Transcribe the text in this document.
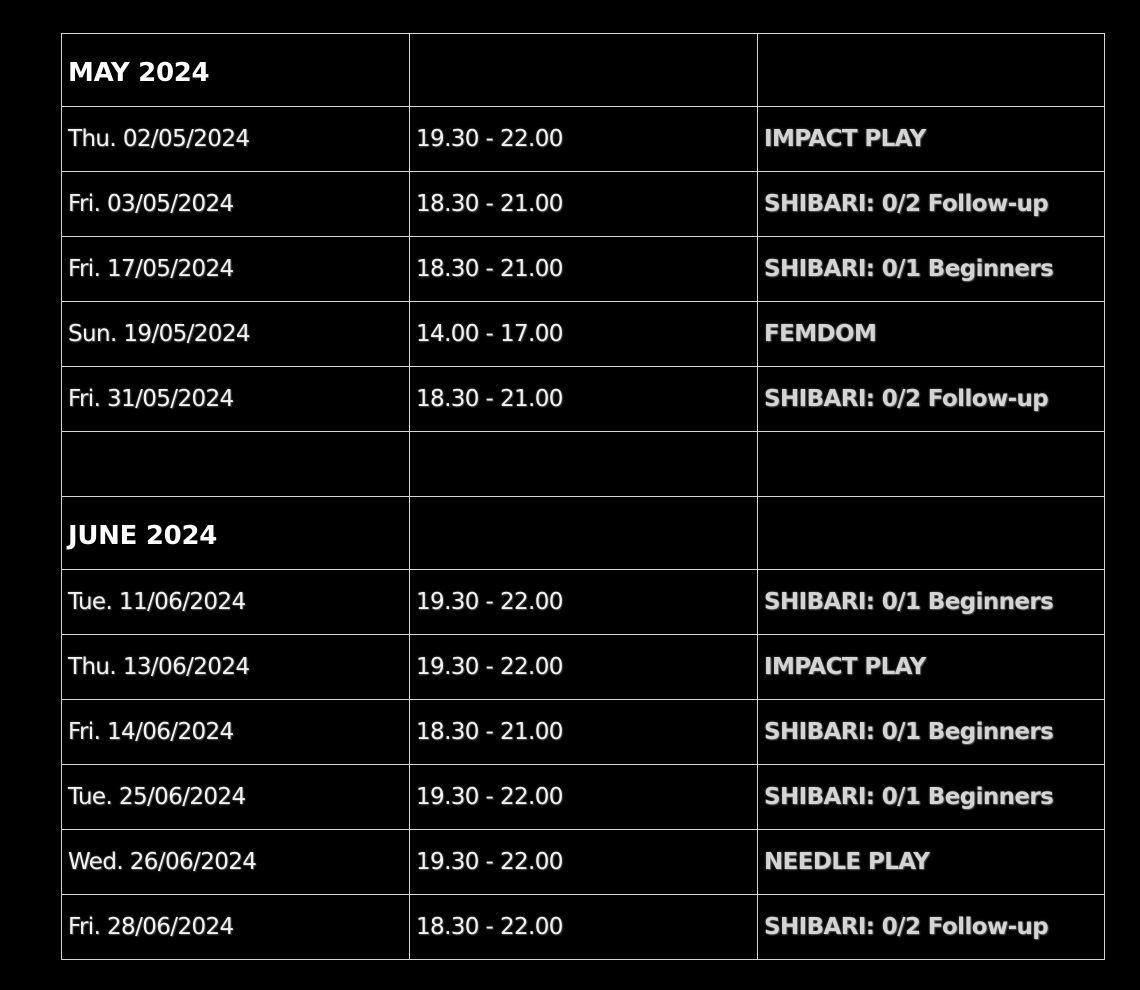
MAY 2024		
Thu. 02/05/2024	19.30 - 22.00	IMPACT PLAY
Fri. 03/05/2024	18.30 - 21.00	SHIBARI: 0/2 Follow-up
Fri. 17/05/2024	18.30 - 21.00	SHIBARI: 0/1 Beginners
Sun. 19/05/2024	14.00 - 17.00	FEMDOM
Fri. 31/05/2024	18.30 - 21.00	SHIBARI: 0/2 Follow-up

JUNE 2024		
Tue. 11/06/2024	19.30 - 22.00	SHIBARI: 0/1 Beginners
Thu. 13/06/2024	19.30 - 22.00	IMPACT PLAY
Fri. 14/06/2024	18.30 - 21.00	SHIBARI: 0/1 Beginners
Tue. 25/06/2024	19.30 - 22.00	SHIBARI: 0/1 Beginners
Wed. 26/06/2024	19.30 - 22.00	NEEDLE PLAY
Fri. 28/06/2024	18.30 - 22.00	SHIBARI: 0/2 Follow-up
